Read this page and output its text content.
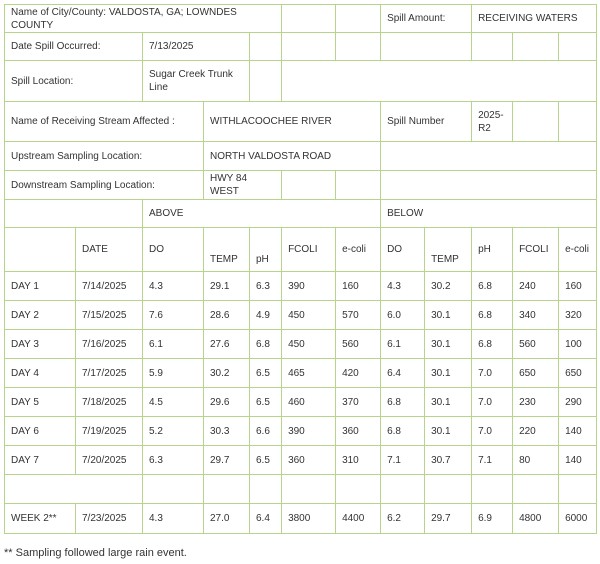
Name of City/County: VALDOSTA, GA; LOWNDES COUNTY							Spill Amount:		RECEIVING WATERS		
Date Spill Occurred:		7/13/2025									
Spill Location:		Sugar Creek Trunk Line									
Name of Receiving Stream Affected :			WITHLACOOCHEE RIVER				Spill Number		2025-R2		
Upstream Sampling Location:			NORTH VALDOSTA ROAD								
Downstream Sampling Location:			HWY 84 WEST								
		ABOVE					BELOW				
	DATE	DO	TEMP	pH	FCOLI	e-coli	DO	TEMP	pH	FCOLI	e-coli
DAY 1	7/14/2025	4.3	29.1	6.3	390	160	4.3	30.2	6.8	240	160
DAY 2	7/15/2025	7.6	28.6	4.9	450	570	6.0	30.1	6.8	340	320
DAY 3	7/16/2025	6.1	27.6	6.8	450	560	6.1	30.1	6.8	560	100
DAY 4	7/17/2025	5.9	30.2	6.5	465	420	6.4	30.1	7.0	650	650
DAY 5	7/18/2025	4.5	29.6	6.5	460	370	6.8	30.1	7.0	230	290
DAY 6	7/19/2025	5.2	30.3	6.6	390	360	6.8	30.1	7.0	220	140
DAY 7	7/20/2025	6.3	29.7	6.5	360	310	7.1	30.7	7.1	80	140

WEEK 2**	7/23/2025	4.3	27.0	6.4	3800	4400	6.2	29.7	6.9	4800	6000
** Sampling followed large rain event.
